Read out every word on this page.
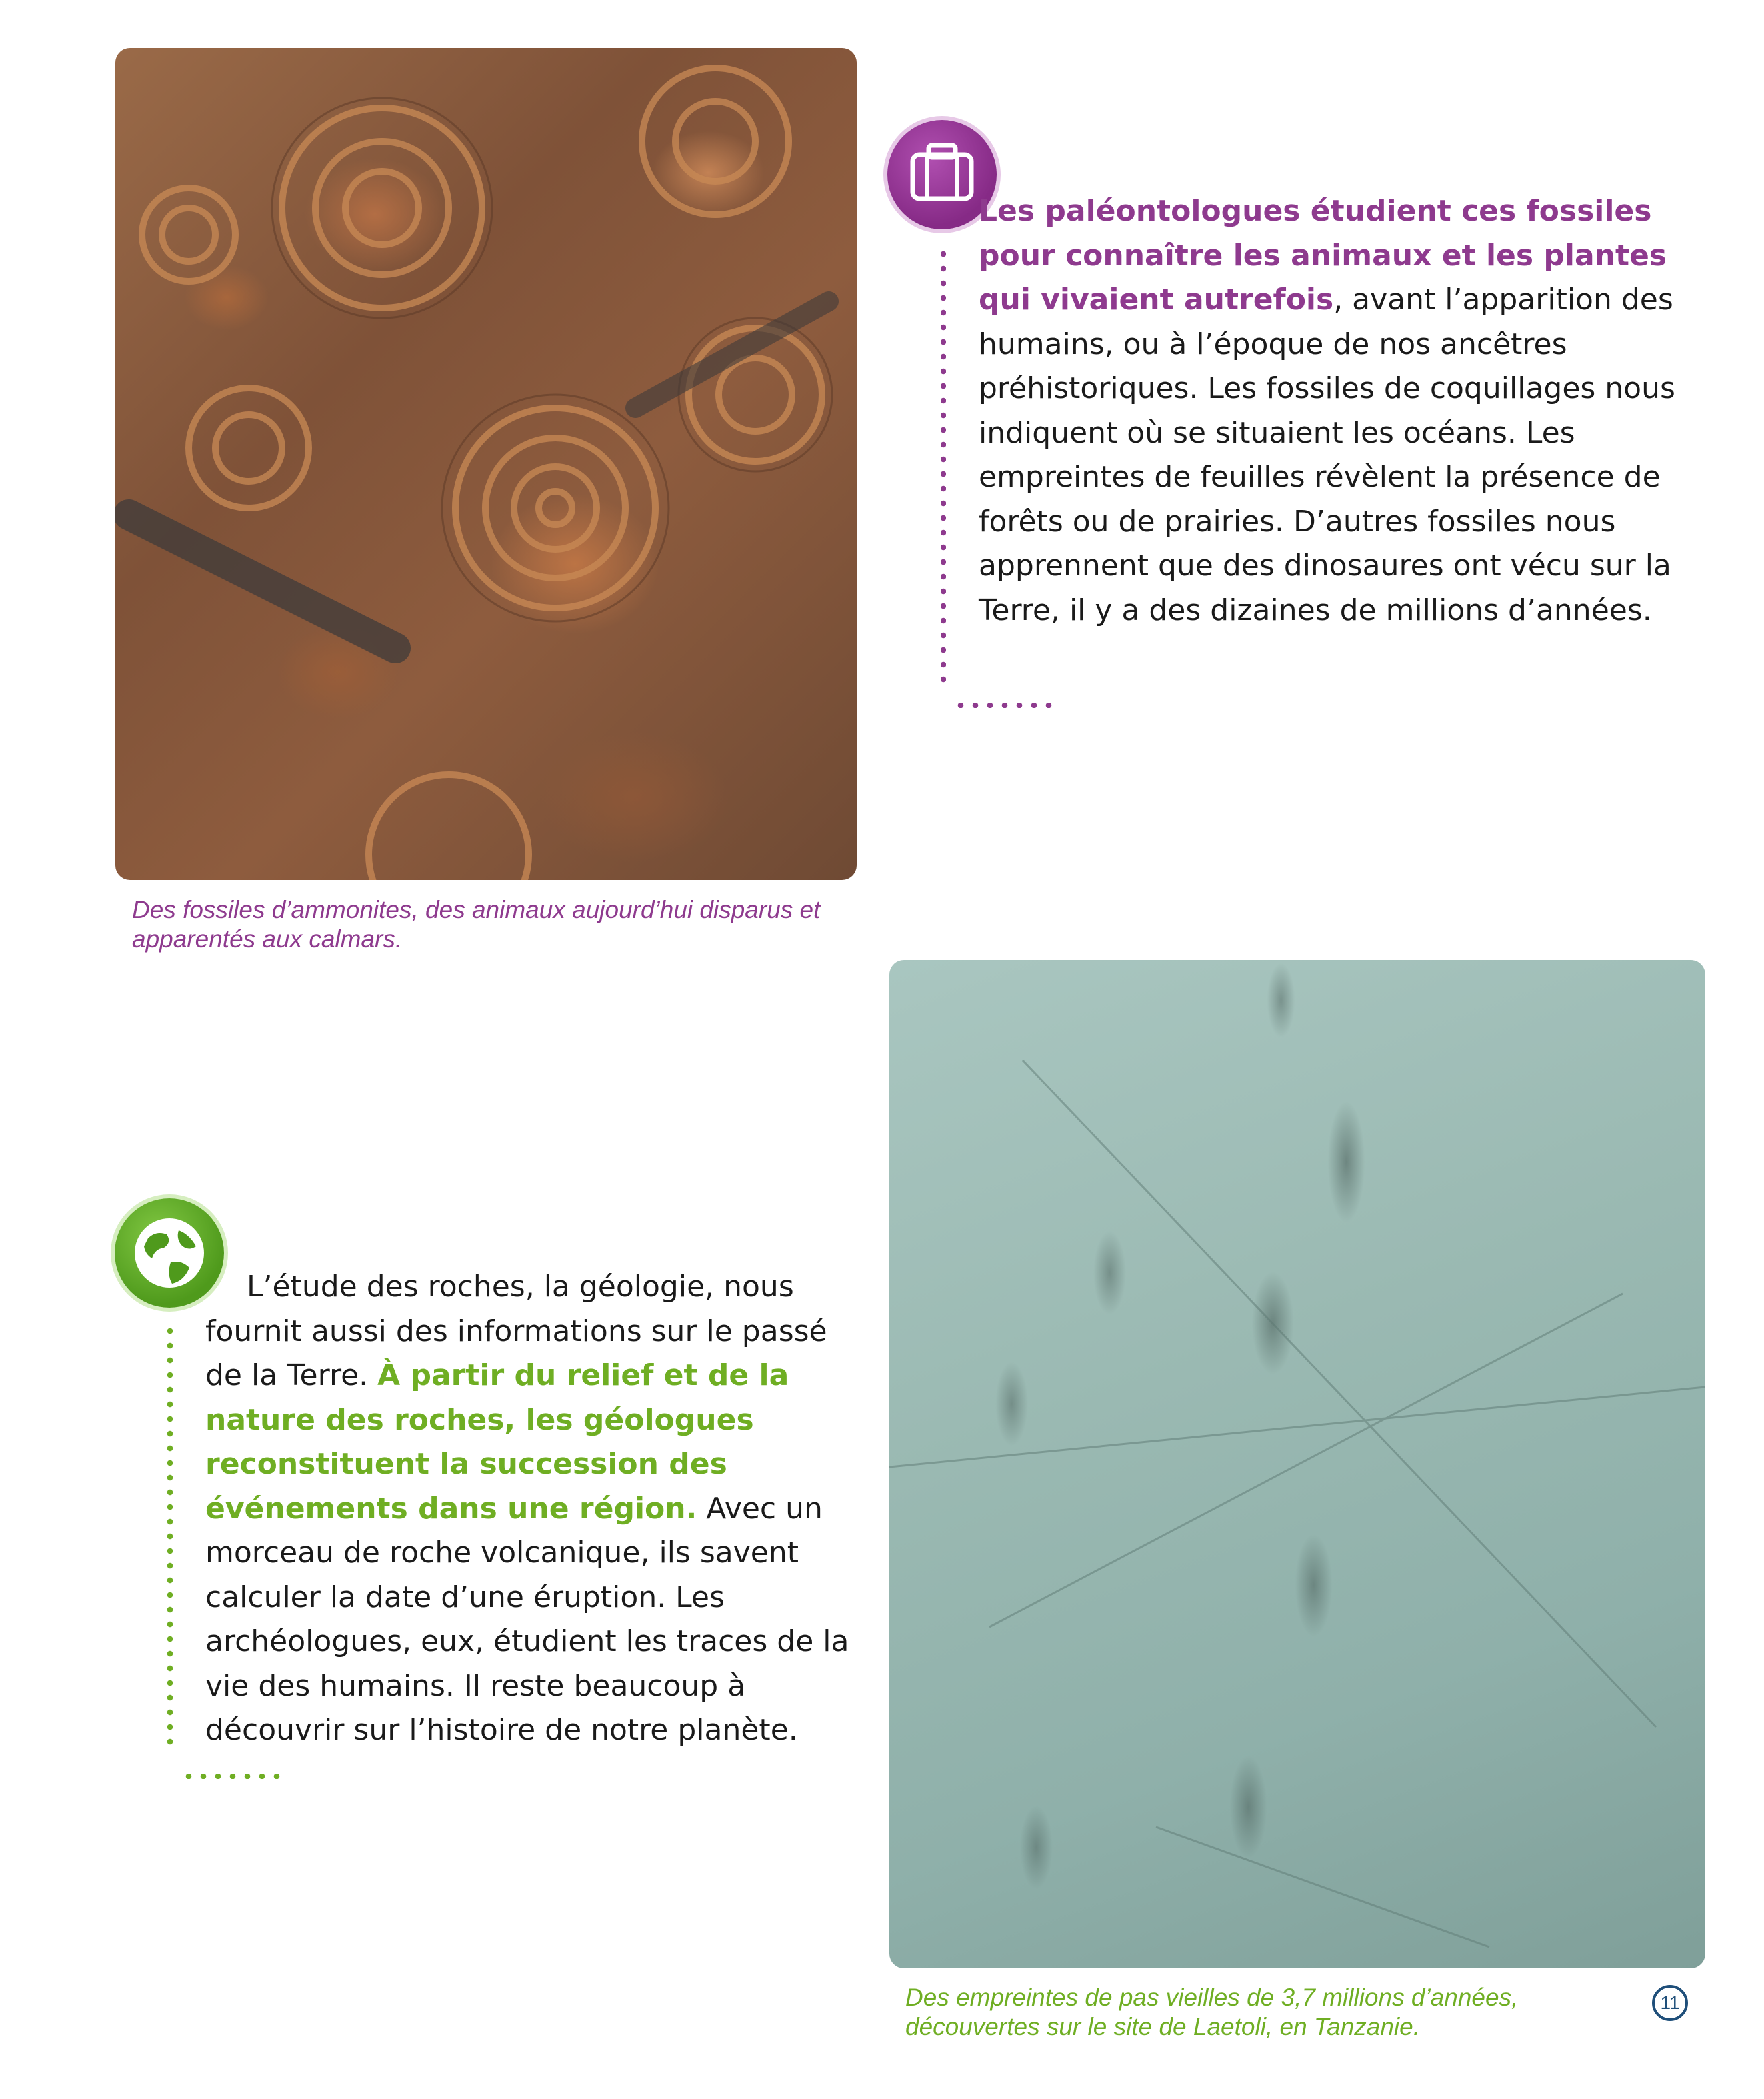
Des fossiles d’ammonites, des animaux aujourd’hui disparus et apparentés aux calmars.
Les paléontologues étudient ces fossiles pour connaître les animaux et les plantes qui vivaient autrefois, avant l’apparition des humains, ou à l’époque de nos ancêtres préhistoriques. Les fossiles de coquillages nous indiquent où se situaient les océans. Les empreintes de feuilles révèlent la présence de forêts ou de prairies. D’autres fossiles nous apprennent que des dinosaures ont vécu sur la Terre, il y a des dizaines de millions d’années.
L’étude des roches, la géologie, nous fournit aussi des informations sur le passé de la Terre. À partir du relief et de la nature des roches, les géologues reconstituent la succession des événements dans une région. Avec un morceau de roche volcanique, ils savent calculer la date d’une éruption. Les archéologues, eux, étudient les traces de la vie des humains. Il reste beaucoup à découvrir sur l’histoire de notre planète.
Des empreintes de pas vieilles de 3,7 millions d’années, découvertes sur le site de Laetoli, en Tanzanie.
11
